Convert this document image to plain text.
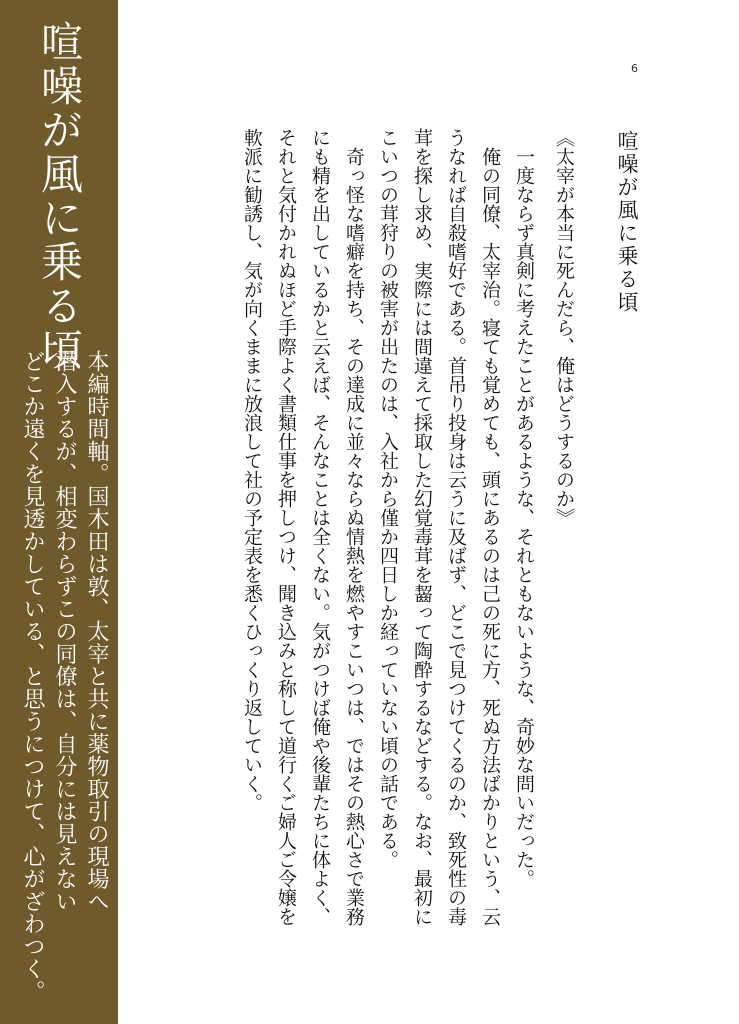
喧噪が風に乗る頃
本編時間軸。国木田は敦、太宰と共に薬物取引の現場へ
潜入するが、相変わらずこの同僚は、自分には見えない
どこか遠くを見透かしている、と思うにつけて、心がざわつく。
6
喧噪が風に乗る頃

《太宰が本当に死んだら、俺はどうするのか》

一度ならず真剣に考えたことがあるような、それともないような、奇妙な問いだった。

俺の同僚、太宰治。寝ても覚めても、頭にあるのは己の死に方、死ぬ方法ばかりという、云うなれば自殺嗜好である。首吊り投身は云うに及ばず、どこで見つけてくるのか、致死性の毒茸を探し求め、実際には間違えて採取した幻覚毒茸を齧って陶酔するなどする。なお、最初にこいつの茸狩りの被害が出たのは、入社から僅か四日しか経っていない頃の話である。

奇っ怪な嗜癖を持ち、その達成に並々ならぬ情熱を燃やすこいつは、ではその熱心さで業務にも精を出しているかと云えば、そんなことは全くない。気がつけば俺や後輩たちに体よく、それと気付かれぬほど手際よく書類仕事を押しつけ、聞き込みと称して道行くご婦人ご令嬢を軟派に勧誘し、気が向くままに放浪して社の予定表を悉くひっくり返していく。
